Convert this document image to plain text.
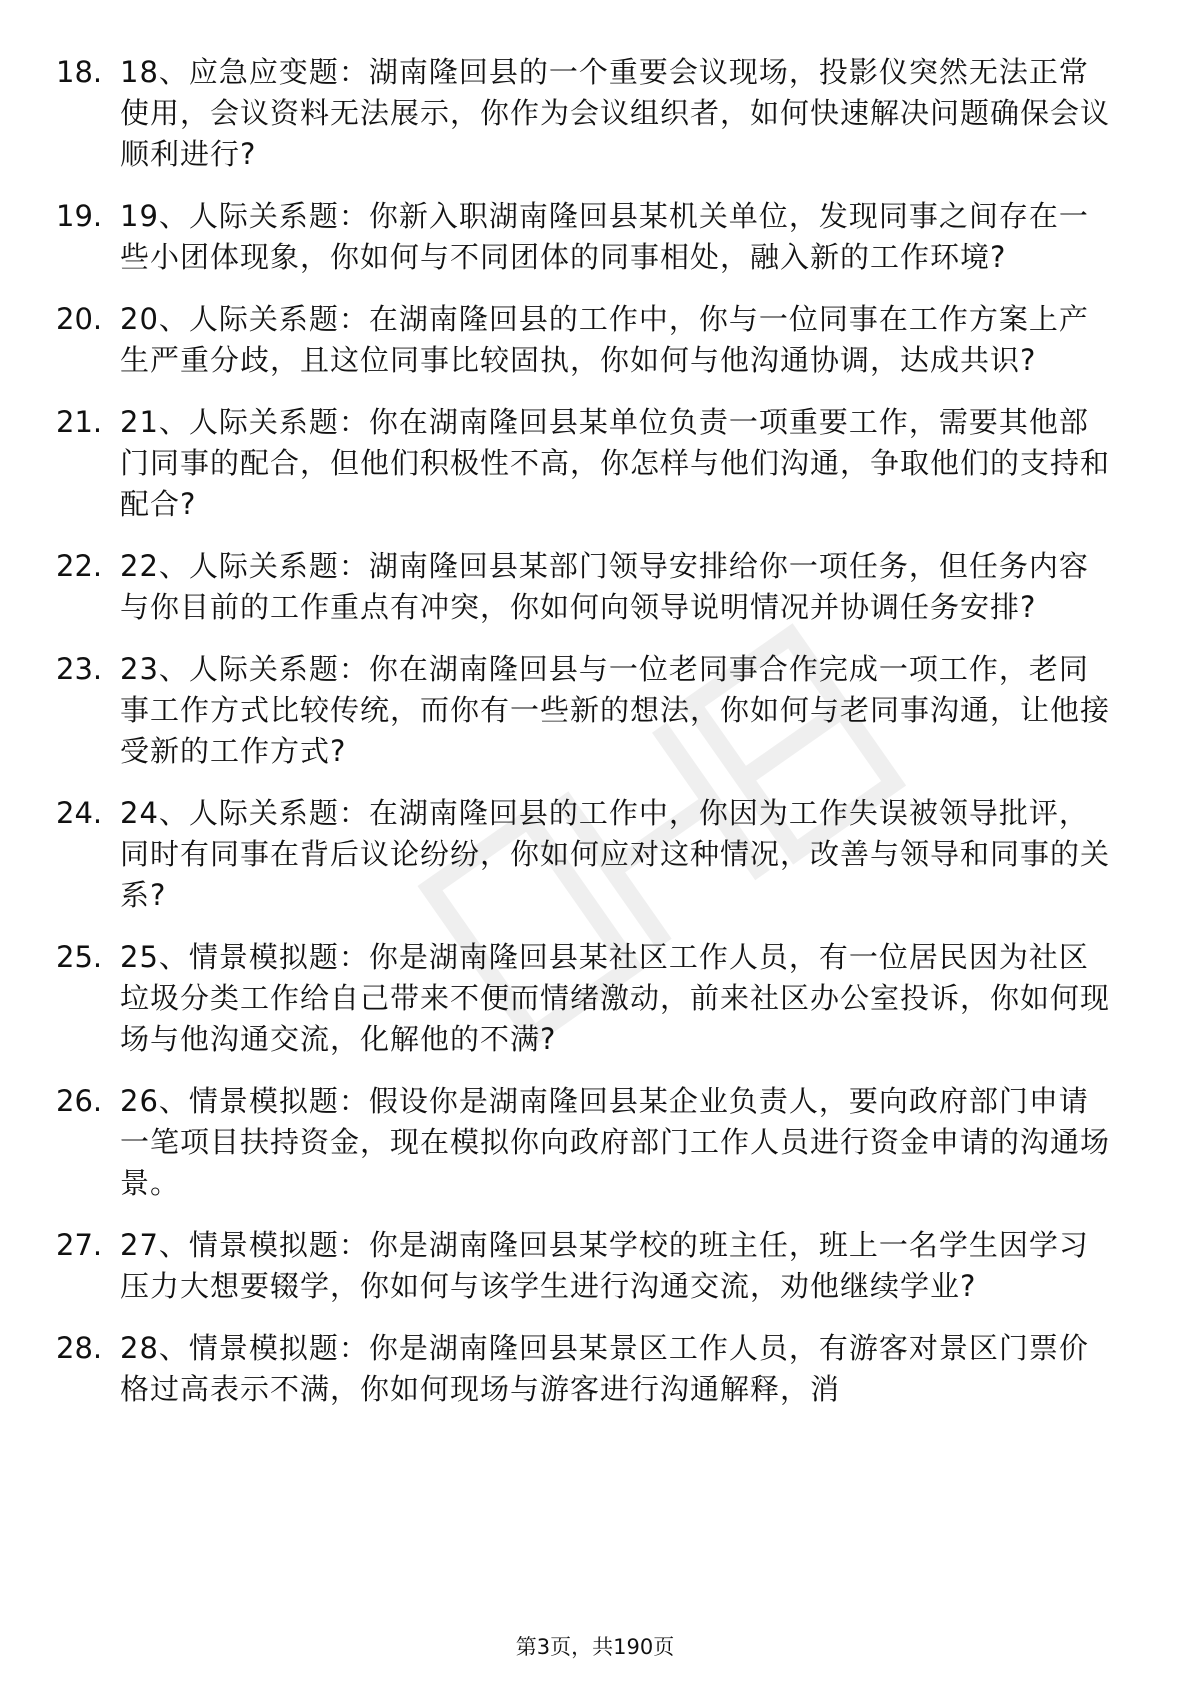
18. 18、应急应变题：湖南隆回县的一个重要会议现场，投影仪突然无法正常使用，会议资料无法展示，你作为会议组织者，如何快速解决问题确保会议顺利进行?
19. 19、人际关系题：你新入职湖南隆回县某机关单位，发现同事之间存在一些小团体现象，你如何与不同团体的同事相处，融入新的工作环境?
20. 20、人际关系题：在湖南隆回县的工作中，你与一位同事在工作方案上产生严重分歧，且这位同事比较固执，你如何与他沟通协调，达成共识?
21. 21、人际关系题：你在湖南隆回县某单位负责一项重要工作，需要其他部门同事的配合，但他们积极性不高，你怎样与他们沟通，争取他们的支持和配合?
22. 22、人际关系题：湖南隆回县某部门领导安排给你一项任务，但任务内容与你目前的工作重点有冲突，你如何向领导说明情况并协调任务安排?
23. 23、人际关系题：你在湖南隆回县与一位老同事合作完成一项工作，老同事工作方式比较传统，而你有一些新的想法，你如何与老同事沟通，让他接受新的工作方式?
24. 24、人际关系题：在湖南隆回县的工作中，你因为工作失误被领导批评，同时有同事在背后议论纷纷，你如何应对这种情况，改善与领导和同事的关系?
25. 25、情景模拟题：你是湖南隆回县某社区工作人员，有一位居民因为社区垃圾分类工作给自己带来不便而情绪激动，前来社区办公室投诉，你如何现场与他沟通交流，化解他的不满?
26. 26、情景模拟题：假设你是湖南隆回县某企业负责人，要向政府部门申请一笔项目扶持资金，现在模拟你向政府部门工作人员进行资金申请的沟通场景。
27. 27、情景模拟题：你是湖南隆回县某学校的班主任，班上一名学生因学习压力大想要辍学，你如何与该学生进行沟通交流，劝他继续学业?
28. 28、情景模拟题：你是湖南隆回县某景区工作人员，有游客对景区门票价格过高表示不满，你如何现场与游客进行沟通解释，消
第3页，共190页
